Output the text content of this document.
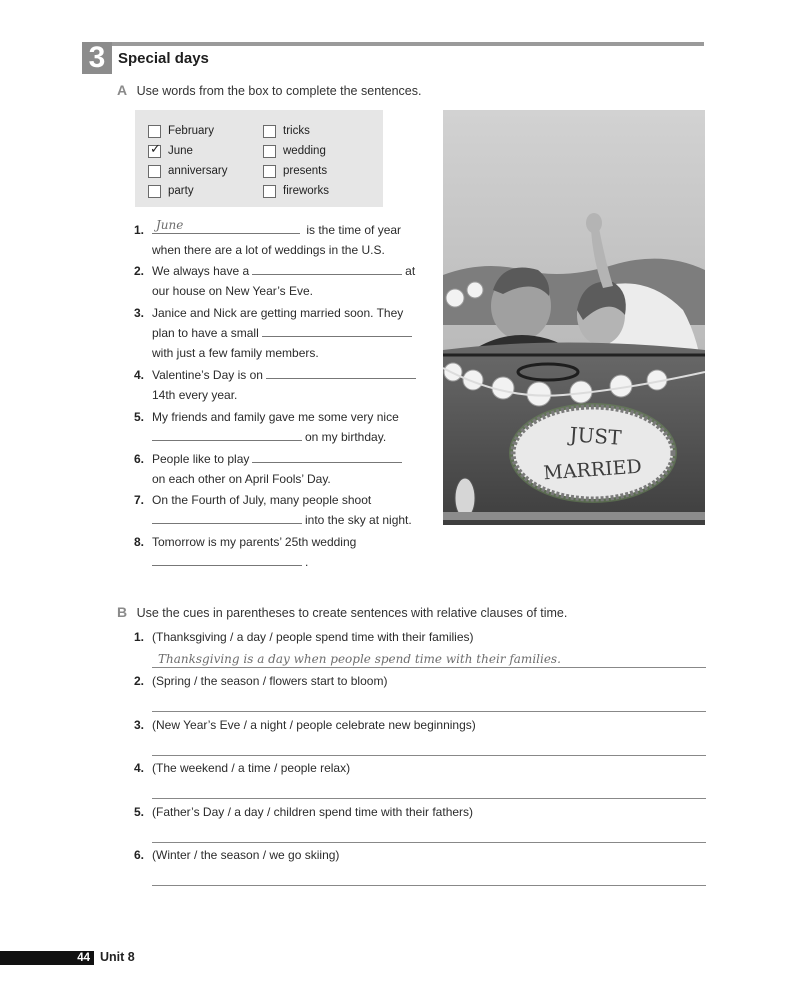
3 Special days
A Use words from the box to complete the sentences.
February
✓
June
anniversary
party
tricks
wedding
presents
fireworks
1. June	is the time of year
when there are a lot of weddings in the U.S.
2. We always have a	at
our house on New Year’s Eve.
3. Janice and Nick are getting married soon. They
plan to have a small
with just a few family members.
4. Valentine’s Day is on
14th every year.
5. My friends and family gave me some very nice
on my birthday.
6. People like to play
on each other on April Fools’ Day.
7. On the Fourth of July, many people shoot
into the sky at night.
8. Tomorrow is my parents’ 25th wedding
.
JUST
MARRIED
B Use the cues in parentheses to create sentences with relative clauses of time.
1. (Thanksgiving / a day / people spend time with their families)
Thanksgiving is a day when people spend time with their families.
2. (Spring / the season / flowers start to bloom)
3. (New Year’s Eve / a night / people celebrate new beginnings)
4. (The weekend / a time / people relax)
5. (Father’s Day / a day / children spend time with their fathers)
6. (Winter / the season / we go skiing)
44 Unit 8
